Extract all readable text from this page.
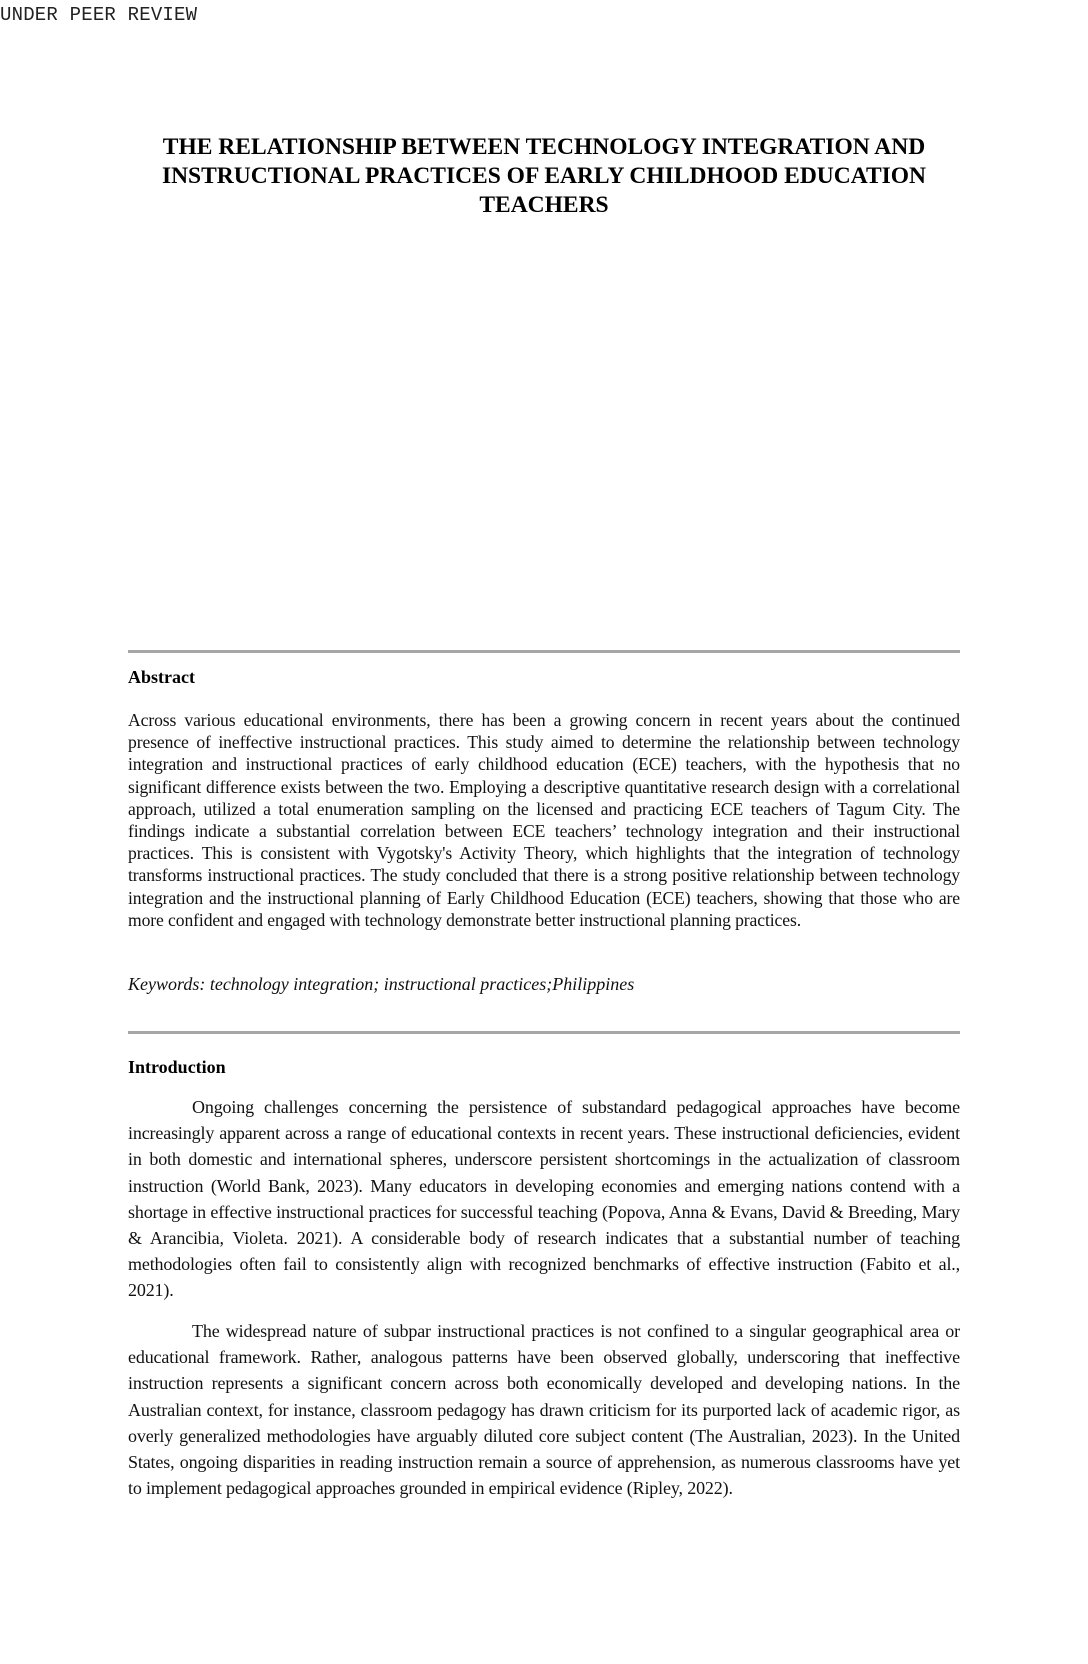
UNDER PEER REVIEW
THE RELATIONSHIP BETWEEN TECHNOLOGY INTEGRATION AND
INSTRUCTIONAL PRACTICES OF EARLY CHILDHOOD EDUCATION
TEACHERS
Abstract

Across various educational environments, there has been a growing concern in recent years about the continued presence of ineffective instructional practices. This study aimed to determine the relationship between technology integration and instructional practices of early childhood education (ECE) teachers, with the hypothesis that no significant difference exists between the two. Employing a descriptive quantitative research design with a correlational approach, utilized a total enumeration sampling on the licensed and practicing ECE teachers of Tagum City. The findings indicate a substantial correlation between ECE teachers’ technology integration and their instructional practices. This is consistent with Vygotsky's Activity Theory, which highlights that the integration of technology transforms instructional practices. The study concluded that there is a strong positive relationship between technology integration and the instructional planning of Early Childhood Education (ECE) teachers, showing that those who are more confident and engaged with technology demonstrate better instructional planning practices.

Keywords: technology integration; instructional practices;Philippines

Introduction

Ongoing challenges concerning the persistence of substandard pedagogical approaches have become increasingly apparent across a range of educational contexts in recent years. These instructional deficiencies, evident in both domestic and international spheres, underscore persistent shortcomings in the actualization of classroom instruction (World Bank, 2023). Many educators in developing economies and emerging nations contend with a shortage in effective instructional practices for successful teaching (Popova, Anna & Evans, David & Breeding, Mary & Arancibia, Violeta. 2021). A considerable body of research indicates that a substantial number of teaching methodologies often fail to consistently align with recognized benchmarks of effective instruction (Fabito et al., 2021).

The widespread nature of subpar instructional practices is not confined to a singular geographical area or educational framework. Rather, analogous patterns have been observed globally, underscoring that ineffective instruction represents a significant concern across both economically developed and developing nations. In the Australian context, for instance, classroom pedagogy has drawn criticism for its purported lack of academic rigor, as overly generalized methodologies have arguably diluted core subject content (The Australian, 2023). In the United States, ongoing disparities in reading instruction remain a source of apprehension, as numerous classrooms have yet to implement pedagogical approaches grounded in empirical evidence (Ripley, 2022).
